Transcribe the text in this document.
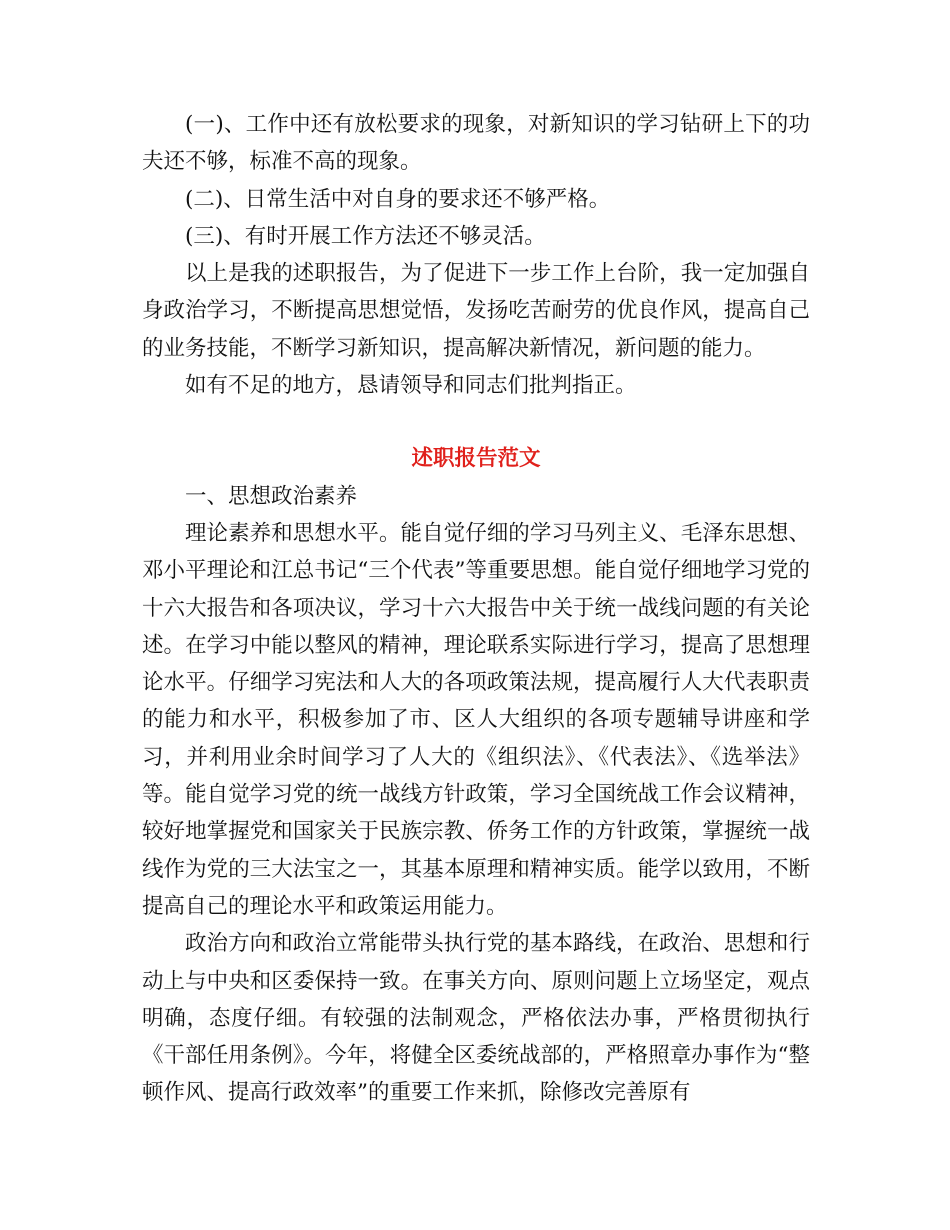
(一)、工作中还有放松要求的现象，对新知识的学习钻研上下的功夫还不够，标准不高的现象。

(二)、日常生活中对自身的要求还不够严格。

(三)、有时开展工作方法还不够灵活。

以上是我的述职报告，为了促进下一步工作上台阶，我一定加强自身政治学习，不断提高思想觉悟，发扬吃苦耐劳的优良作风，提高自己的业务技能，不断学习新知识，提高解决新情况，新问题的能力。

如有不足的地方，恳请领导和同志们批判指正。

述职报告范文

一、思想政治素养

理论素养和思想水平。能自觉仔细的学习马列主义、毛泽东思想、邓小平理论和江总书记“三个代表”等重要思想。能自觉仔细地学习党的十六大报告和各项决议，学习十六大报告中关于统一战线问题的有关论述。在学习中能以整风的精神，理论联系实际进行学习，提高了思想理论水平。仔细学习宪法和人大的各项政策法规，提高履行人大代表职责的能力和水平，积极参加了市、区人大组织的各项专题辅导讲座和学习，并利用业余时间学习了人大的《组织法》、《代表法》、《选举法》等。能自觉学习党的统一战线方针政策，学习全国统战工作会议精神，较好地掌握党和国家关于民族宗教、侨务工作的方针政策，掌握统一战线作为党的三大法宝之一，其基本原理和精神实质。能学以致用，不断提高自己的理论水平和政策运用能力。

政治方向和政治立常能带头执行党的基本路线，在政治、思想和行动上与中央和区委保持一致。在事关方向、原则问题上立场坚定，观点明确，态度仔细。有较强的法制观念，严格依法办事，严格贯彻执行《干部任用条例》。今年，将健全区委统战部的，严格照章办事作为“整顿作风、提高行政效率”的重要工作来抓，除修改完善原有
